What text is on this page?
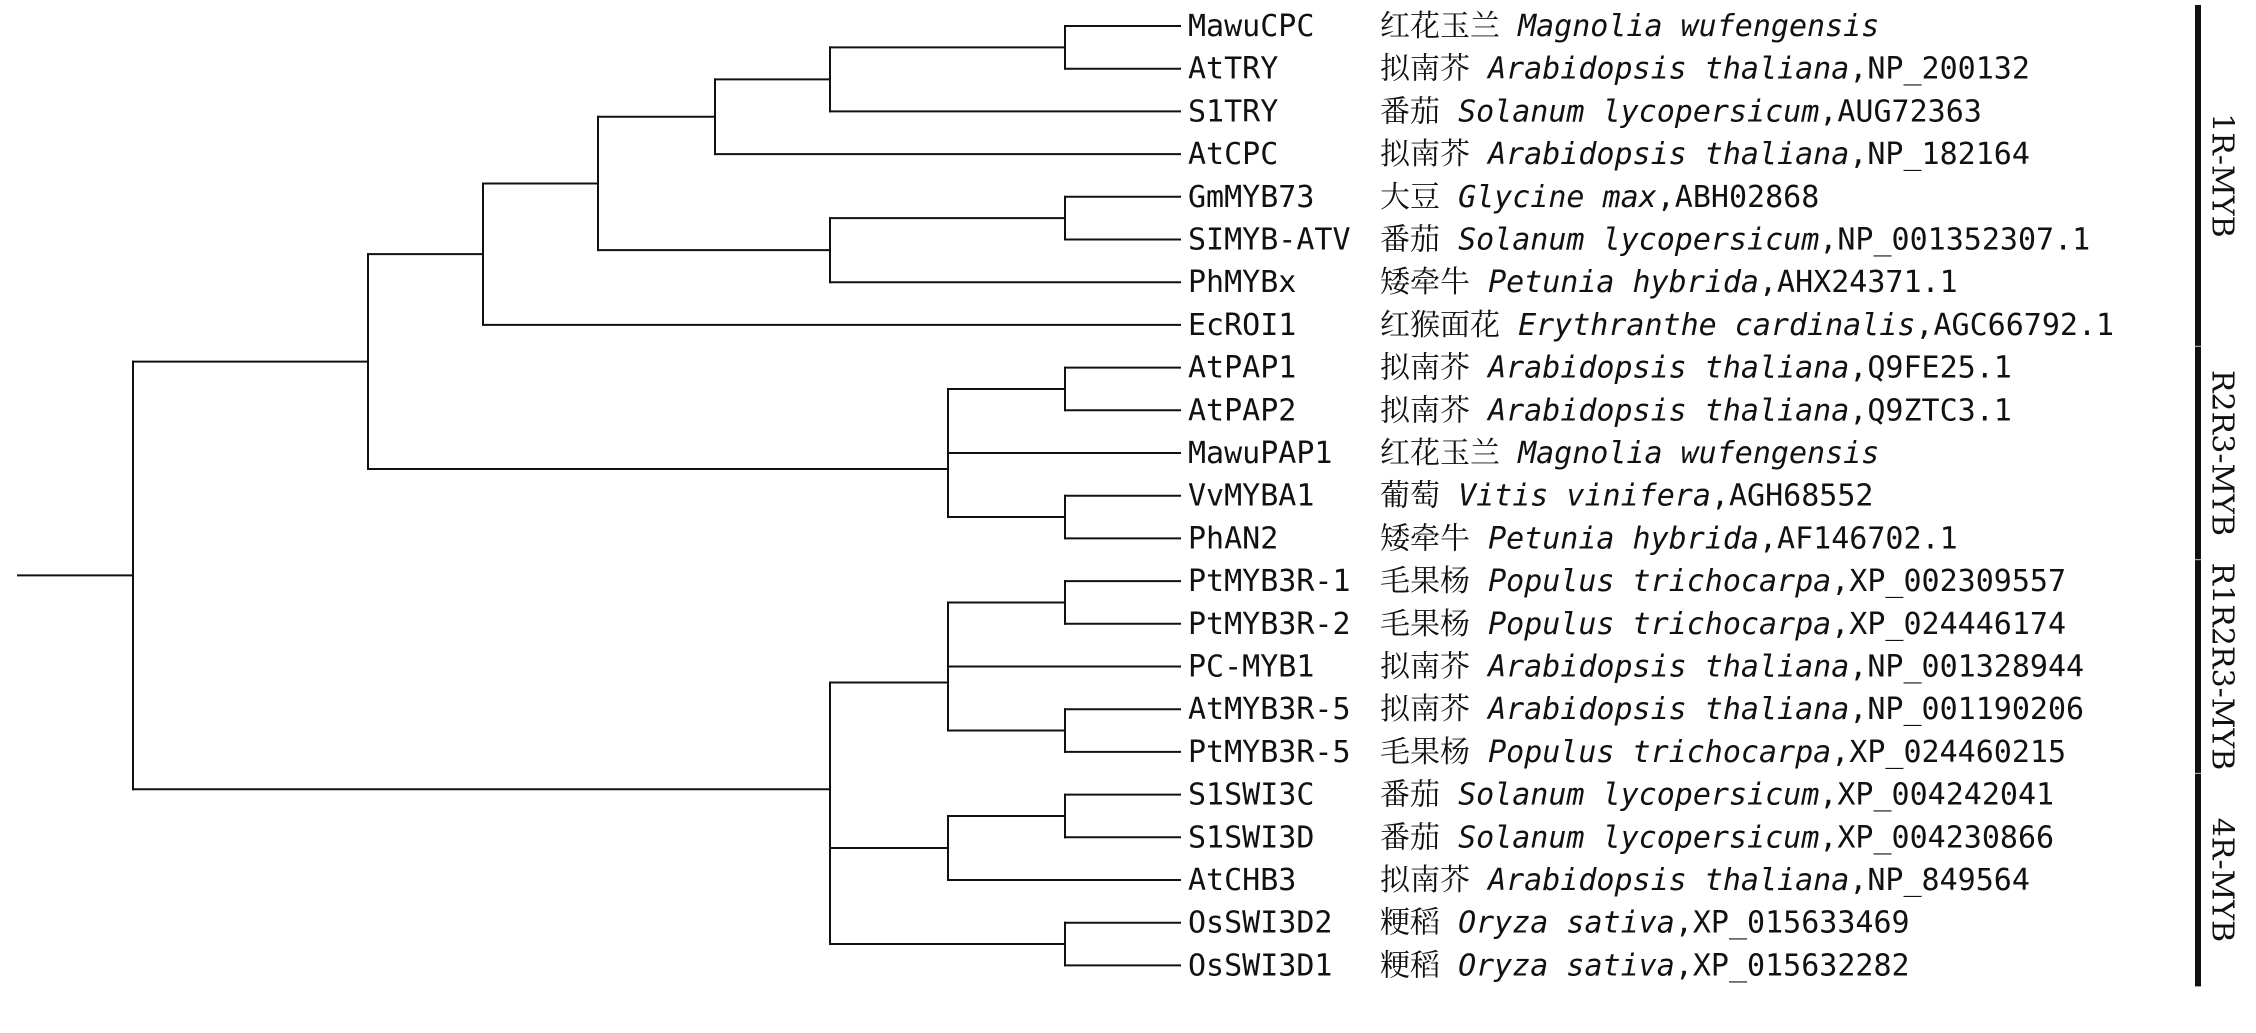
MawuCPC 红花玉兰 Magnolia wufengensis
AtTRY	拟南芥 Arabidopsis thaliana,NP_200132
S1TRY	番茄 Solanum lycopersicum,AUG72363
AtCPC	拟南芥 Arabidopsis thaliana,NP_182164
GmMYB73 大豆 Glycine max,ABH02868
SIMYB-ATV 番茄 Solanum lycopersicum,NP_001352307.1
PhMYBx	矮牵牛 Petunia hybrida,AHX24371.1
EcROI1	红猴面花 Erythranthe cardinalis,AGC66792.1
AtPAP1	拟南芥 Arabidopsis thaliana,Q9FE25.1
AtPAP2	拟南芥 Arabidopsis thaliana,Q9ZTC3.1
MawuPAP1 红花玉兰 Magnolia wufengensis
VvMYBA1 葡萄 Vitis vinifera,AGH68552
PhAN2	矮牵牛 Petunia hybrida,AF146702.1
PtMYB3R-1 毛果杨 Populus trichocarpa,XP_002309557
PtMYB3R-2 毛果杨 Populus trichocarpa,XP_024446174
PC-MYB1 拟南芥 Arabidopsis thaliana,NP_001328944
AtMYB3R-5 拟南芥 Arabidopsis thaliana,NP_001190206
PtMYB3R-5 毛果杨 Populus trichocarpa,XP_024460215
S1SWI3C 番茄 Solanum lycopersicum,XP_004242041
S1SWI3D 番茄 Solanum lycopersicum,XP_004230866
AtCHB3	拟南芥 Arabidopsis thaliana,NP_849564
OsSWI3D2 粳稻 Oryza sativa,XP_015633469
OsSWI3D1 粳稻 Oryza sativa,XP_015632282
1R-MYB
R2R3-MYB
R1R2R3-MYB
4R-MYB
